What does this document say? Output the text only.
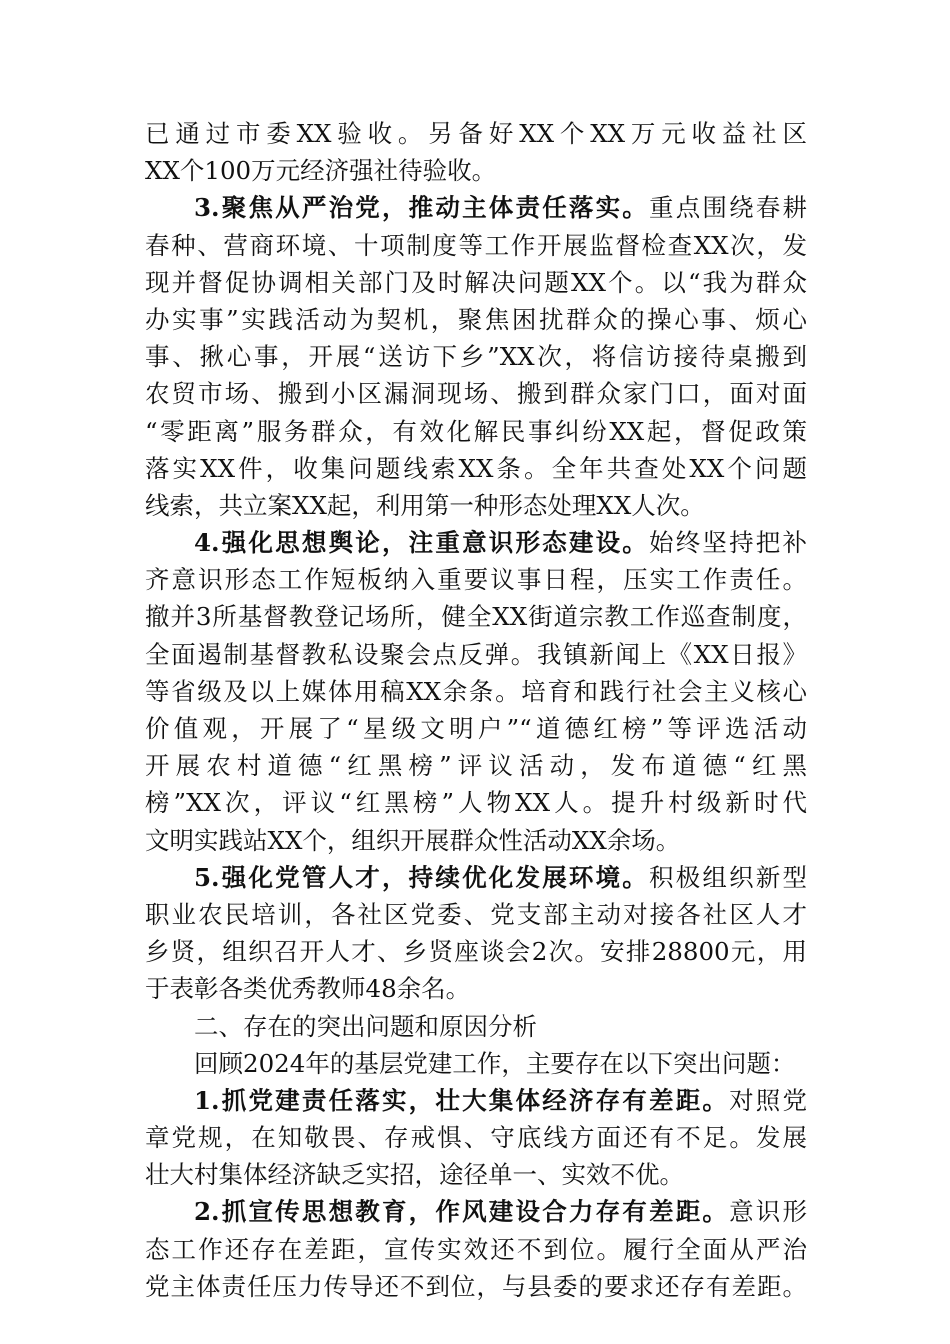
已通过市委XX验收。另备好XX个XX万元收益社区
XX个100万元经济强社待验收。
3.聚焦从严治党，推动主体责任落实。重点围绕春耕
春种、营商环境、十项制度等工作开展监督检查XX次，发
现并督促协调相关部门及时解决问题XX个。以“我为群众
办实事”实践活动为契机，聚焦困扰群众的操心事、烦心
事、揪心事，开展“送访下乡”XX次，将信访接待桌搬到
农贸市场、搬到小区漏洞现场、搬到群众家门口，面对面
“零距离”服务群众，有效化解民事纠纷XX起，督促政策
落实XX件，收集问题线索XX条。全年共查处XX个问题
线索，共立案XX起，利用第一种形态处理XX人次。
4.强化思想舆论，注重意识形态建设。始终坚持把补
齐意识形态工作短板纳入重要议事日程，压实工作责任。
撤并3所基督教登记场所，健全XX街道宗教工作巡查制度，
全面遏制基督教私设聚会点反弹。我镇新闻上《XX日报》
等省级及以上媒体用稿XX余条。培育和践行社会主义核心
价值观，开展了“星级文明户”“道德红榜”等评选活动
开展农村道德“红黑榜”评议活动，发布道德“红黑
榜”XX次，评议“红黑榜”人物XX人。提升村级新时代
文明实践站XX个，组织开展群众性活动XX余场。
5.强化党管人才，持续优化发展环境。积极组织新型
职业农民培训，各社区党委、党支部主动对接各社区人才
乡贤，组织召开人才、乡贤座谈会2次。安排28800元，用
于表彰各类优秀教师48余名。
二、存在的突出问题和原因分析
回顾2024年的基层党建工作，主要存在以下突出问题：
1.抓党建责任落实，壮大集体经济存有差距。对照党
章党规，在知敬畏、存戒惧、守底线方面还有不足。发展
壮大村集体经济缺乏实招，途径单一、实效不优。
2.抓宣传思想教育，作风建设合力存有差距。意识形
态工作还存在差距，宣传实效还不到位。履行全面从严治
党主体责任压力传导还不到位，与县委的要求还存有差距。
